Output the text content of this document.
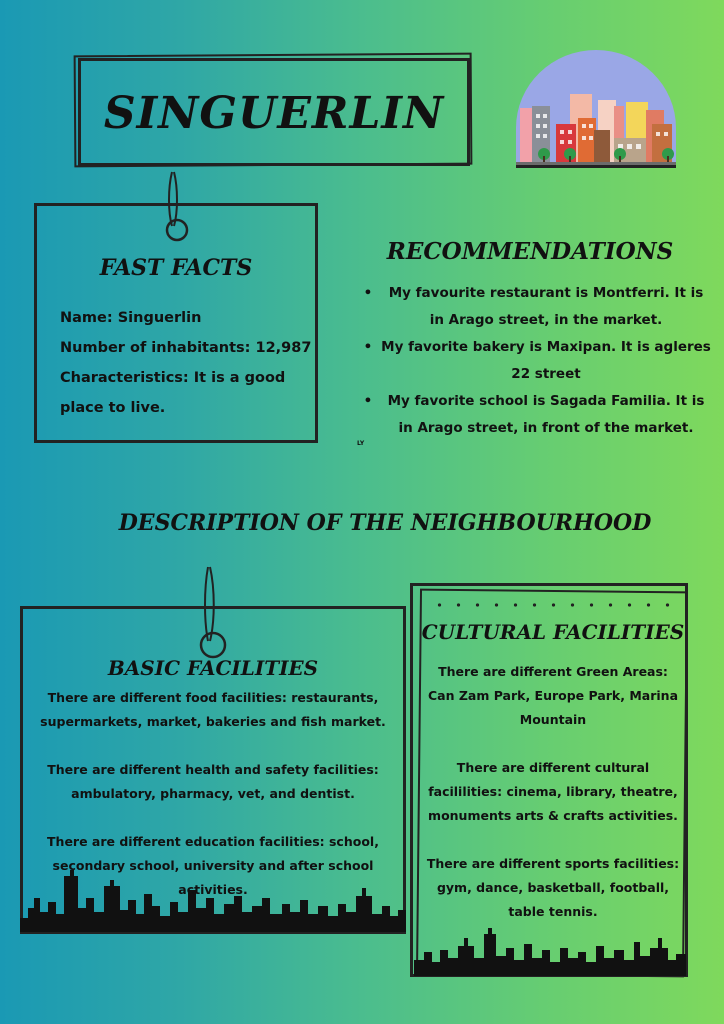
SINGUERLIN
FAST FACTS
Name: Singuerlin
Number of inhabitants: 12,987
Characteristics: It is a good place to live.
RECOMMENDATIONS
•	My favourite restaurant is Montferri. It is in Arago street, in the market.
• My favorite bakery is Maxipan. It is agleres 22 street
•	My favorite school is Sagada Familia. It is in Arago street, in front of the market.
LY
DESCRIPTION OF THE NEIGHBOURHOOD
BASIC FACILITIES

There are different food facilities: restaurants, supermarkets, market, bakeries and fish market.

There are different health and safety facilities: ambulatory, pharmacy, vet, and dentist.

There are different education facilities: school, secondary school, university and after school activities.

CULTURAL FACILITIES

There are different Green Areas: Can Zam Park, Europe Park, Marina Mountain

There are different cultural facililities: cinema, library, theatre, monuments arts & crafts activities.

There are different sports facilities: gym, dance, basketball, football, table tennis.
